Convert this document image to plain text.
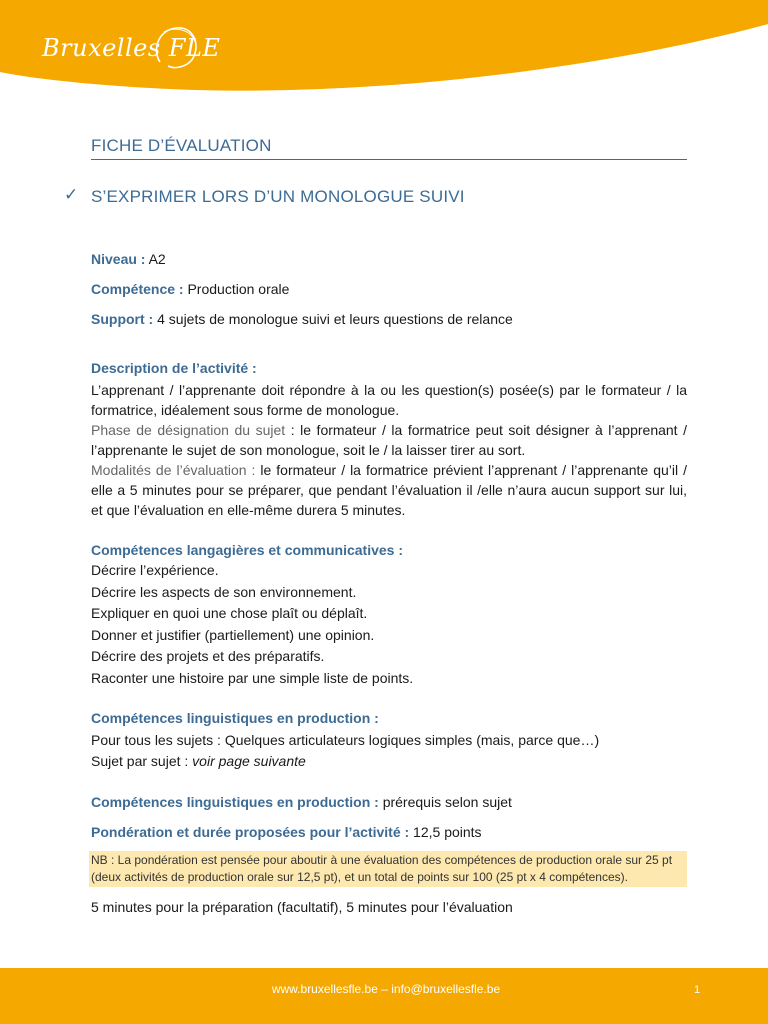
Bruxelles FLE
FICHE D’ÉVALUATION
✓ S’EXPRIMER LORS D’UN MONOLOGUE SUIVI
Niveau : A2
Compétence : Production orale
Support : 4 sujets de monologue suivi et leurs questions de relance
Description de l’activité :
L’apprenant / l’apprenante doit répondre à la ou les question(s) posée(s) par le formateur / la formatrice, idéalement sous forme de monologue.
Phase de désignation du sujet : le formateur / la formatrice peut soit désigner à l’apprenant / l’apprenante le sujet de son monologue, soit le / la laisser tirer au sort.
Modalités de l’évaluation : le formateur / la formatrice prévient l’apprenant / l’apprenante qu’il / elle a 5 minutes pour se préparer, que pendant l’évaluation il /elle n’aura aucun support sur lui, et que l’évaluation en elle-même durera 5 minutes.
Compétences langagières et communicatives :
Décrire l’expérience.
Décrire les aspects de son environnement.
Expliquer en quoi une chose plaît ou déplaît.
Donner et justifier (partiellement) une opinion.
Décrire des projets et des préparatifs.
Raconter une histoire par une simple liste de points.
Compétences linguistiques en production :
Pour tous les sujets : Quelques articulateurs logiques simples (mais, parce que…)
Sujet par sujet : voir page suivante
Compétences linguistiques en production : prérequis selon sujet
Pondération et durée proposées pour l’activité : 12,5 points
5 minutes pour la préparation (facultatif), 5 minutes pour l’évaluation
NB : La pondération est pensée pour aboutir à une évaluation des compétences de production orale sur 25 pt (deux activités de production orale sur 12,5 pt), et un total de points sur 100 (25 pt x 4 compétences).
www.bruxellesfle.be – info@bruxellesfle.be	1
